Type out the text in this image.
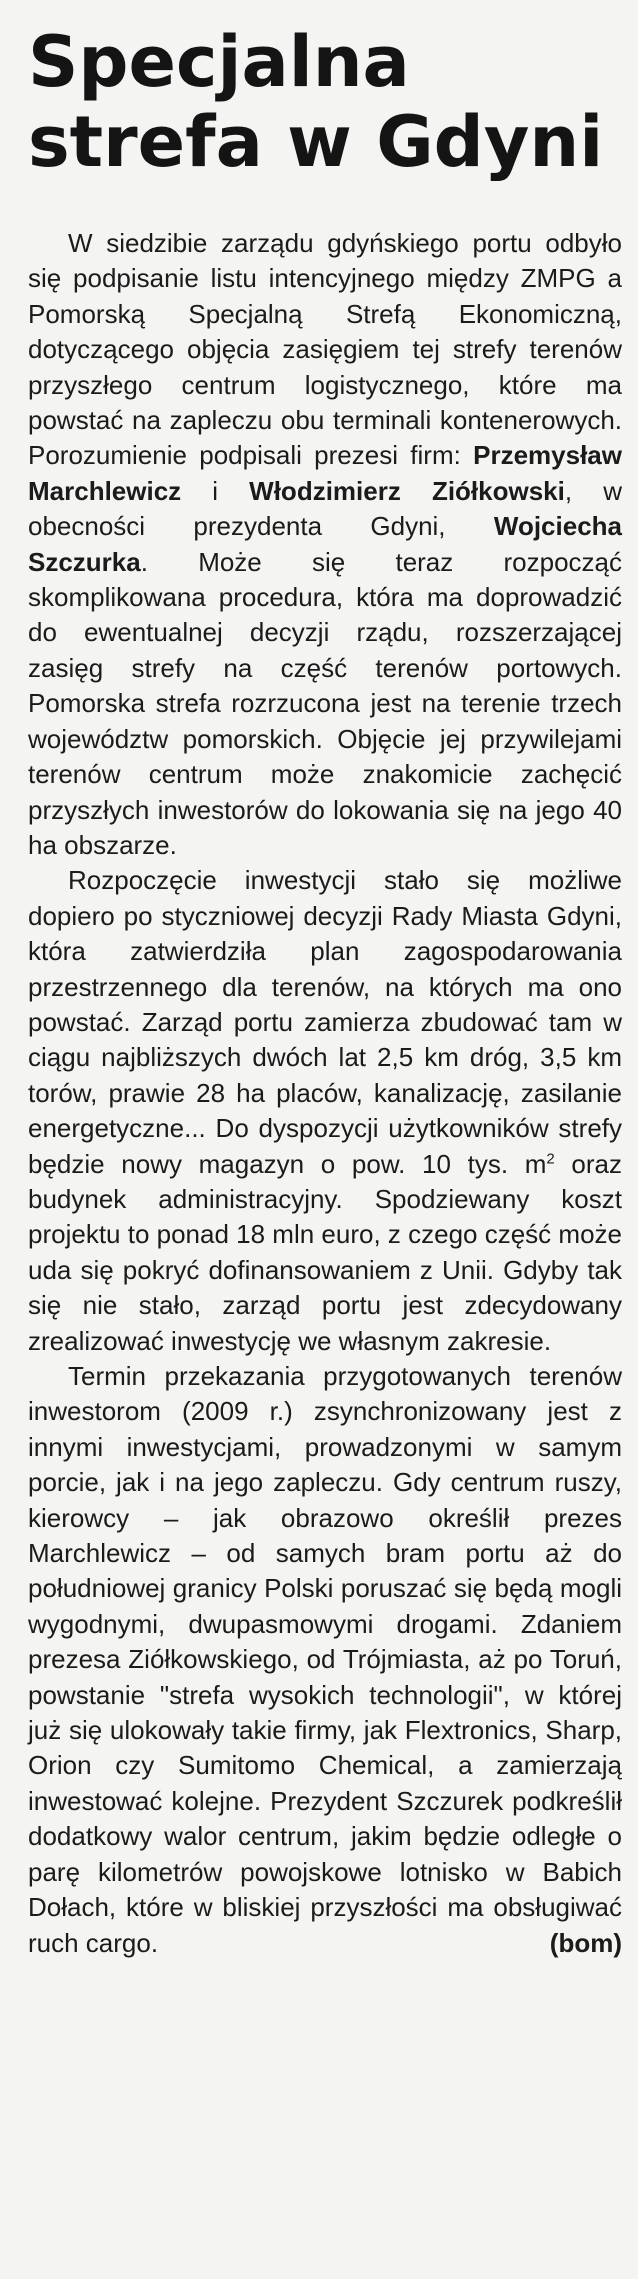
Specjalna
strefa w Gdyni

W siedzibie zarządu gdyńskiego portu odbyło się podpisanie listu intencyjnego między ZMPG a Pomorską Specjalną Strefą Ekonomiczną, dotyczącego objęcia zasięgiem tej strefy terenów przyszłego centrum logistycznego, które ma powstać na zapleczu obu terminali kontenerowych. Porozumienie podpisali prezesi firm: Przemysław Marchlewicz i Włodzimierz Ziółkowski, w obecności prezydenta Gdyni, Wojciecha Szczurka. Może się teraz rozpocząć skomplikowana procedura, która ma doprowadzić do ewentualnej decyzji rządu, rozszerzającej zasięg strefy na część terenów portowych. Pomorska strefa rozrzucona jest na terenie trzech województw pomorskich. Objęcie jej przywilejami terenów centrum może znakomicie zachęcić przyszłych inwestorów do lokowania się na jego 40 ha obszarze.

Rozpoczęcie inwestycji stało się możliwe dopiero po styczniowej decyzji Rady Miasta Gdyni, która zatwierdziła plan zagospodarowania przestrzennego dla terenów, na których ma ono powstać. Zarząd portu zamierza zbudować tam w ciągu najbliższych dwóch lat 2,5 km dróg, 3,5 km torów, prawie 28 ha placów, kanalizację, zasilanie energetyczne... Do dyspozycji użytkowników strefy będzie nowy magazyn o pow. 10 tys. $m^2$ oraz budynek administracyjny. Spodziewany koszt projektu to ponad 18 mln euro, z czego część może uda się pokryć dofinansowaniem z Unii. Gdyby tak się nie stało, zarząd portu jest zdecydowany zrealizować inwestycję we własnym zakresie.

Termin przekazania przygotowanych terenów inwestorom (2009 r.) zsynchronizowany jest z innymi inwestycjami, prowadzonymi w samym porcie, jak i na jego zapleczu. Gdy centrum ruszy, kierowcy – jak obrazowo określił prezes Marchlewicz – od samych bram portu aż do południowej granicy Polski poruszać się będą mogli wygodnymi, dwupasmowymi drogami. Zdaniem prezesa Ziółkowskiego, od Trójmiasta, aż po Toruń, powstanie "strefa wysokich technologii", w której już się ulokowały takie firmy, jak Flextronics, Sharp, Orion czy Sumitomo Chemical, a zamierzają inwestować kolejne. Prezydent Szczurek podkreślił dodatkowy walor centrum, jakim będzie odległe o parę kilometrów powojskowe lotnisko w Babich Dołach, które w bliskiej przyszłości ma obsługiwać ruch cargo.	(bom)
